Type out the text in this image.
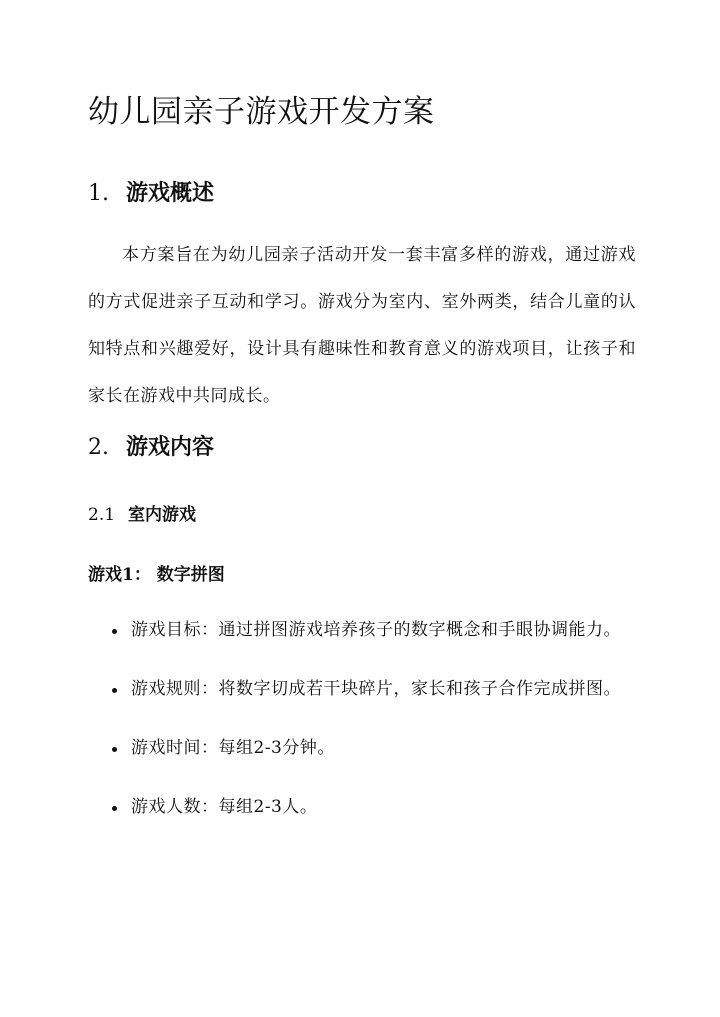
幼儿园亲子游戏开发方案
1. 游戏概述

本方案旨在为幼儿园亲子活动开发一套丰富多样的游戏，通过游戏的方式促进亲子互动和学习。游戏分为室内、室外两类，结合儿童的认知特点和兴趣爱好，设计具有趣味性和教育意义的游戏项目，让孩子和家长在游戏中共同成长。

2. 游戏内容
2.1 室内游戏
游戏1： 数字拼图
游戏目标：通过拼图游戏培养孩子的数字概念和手眼协调能力。
游戏规则：将数字切成若干块碎片，家长和孩子合作完成拼图。
游戏时间：每组2-3分钟。
游戏人数：每组2-3人。
